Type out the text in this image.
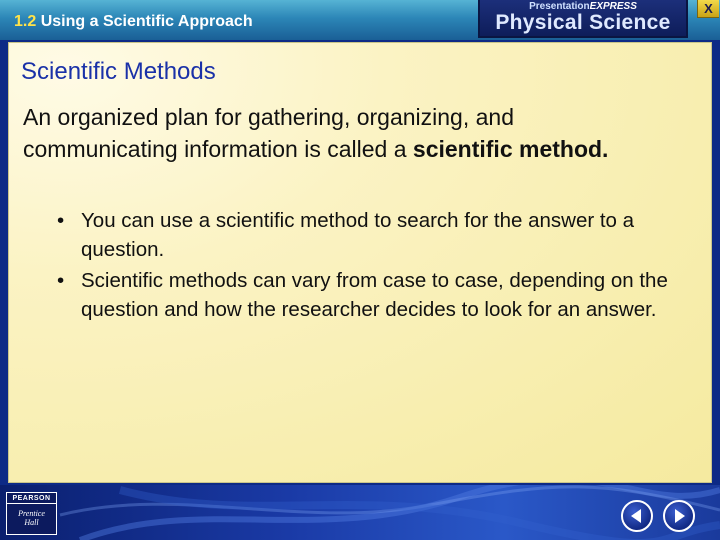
1.2 Using a Scientific Approach
PresentationEXPRESS
Physical Science
X
Scientific Methods

An organized plan for gathering, organizing, and communicating information is called a scientific method.

• You can use a scientific method to search for the answer to a question.
• Scientific methods can vary from case to case, depending on the question and how the researcher decides to look for an answer.
PEARSON
Prentice
Hall
